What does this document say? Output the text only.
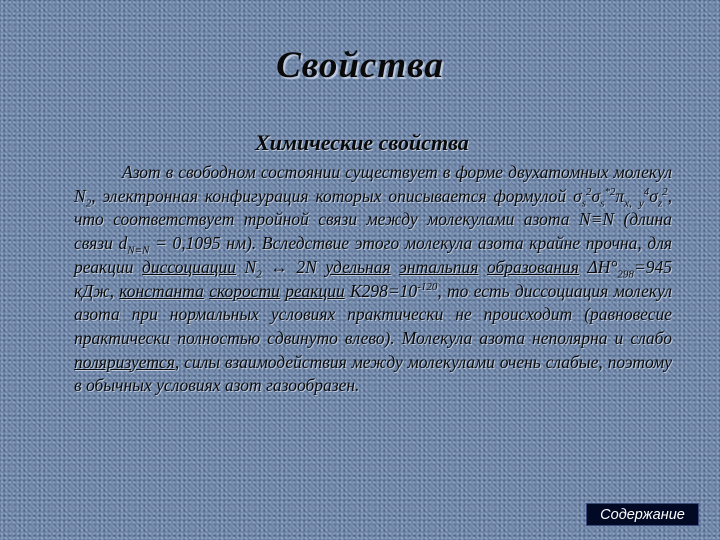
Свойства
Химические свойства
Азот в свободном состоянии существует в форме двухатомных молекул $N_2$, электронная конфигурация которых описывается формулой $\sigma_s^2\sigma_s^{*2}\pi_{x,}$ $_y^4\sigma_z^2$, что соответствует тройной связи между молекулами азота N≡N (длина связи $d_{N\equiv N} = 0,1095$ нм). Вследствие этого молекула азота крайне прочна, для реакции диссоциации $N_2$ ↔ 2N удельная энтальпия образования $\Delta H^\circ_{298}=945$ кДж, константа скорости реакции $К298=10^{-120}$, то есть диссоциация молекул азота при нормальных условиях практически не происходит (равновесие практически полностью сдвинуто влево). Молекула азота неполярна и слабо поляризуется, силы взаимодействия между молекулами очень слабые, поэтому в обычных условиях азот газообразен.
Содержание
